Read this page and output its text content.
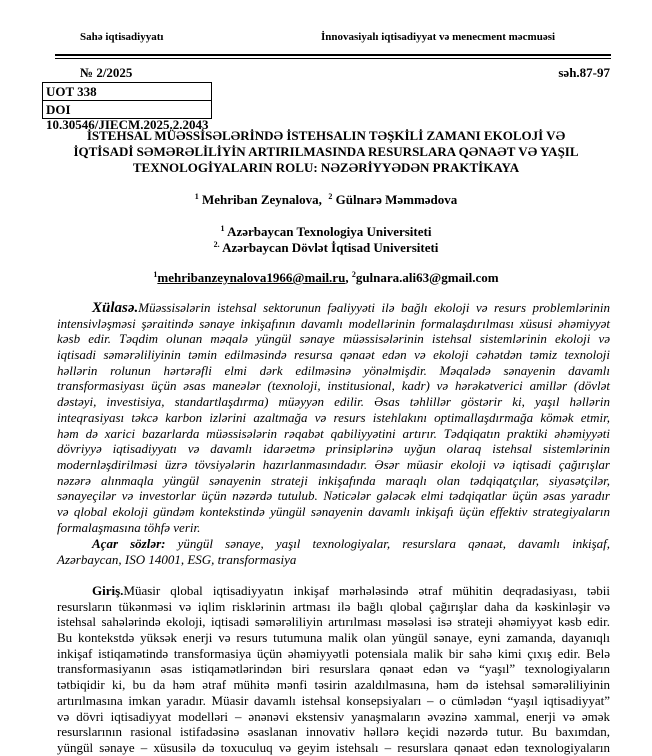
Sahə iqtisadiyyatı	İnnovasiyalı iqtisadiyyat və menecment məcmuəsi
№ 2/2025	səh.87-97
UOT 338
DOI 10.30546/JIECM.2025.2.2043
İSTEHSAL MÜƏSSİSƏLƏRİNDƏ İSTEHSALIN TƏŞKİLİ ZAMANI EKOLOJİ VƏ
İQTİSADİ SƏMƏRƏLİLİYİN ARTIRILMASINDA RESURSLARA QƏNAƏT VƏ YAŞIL
TEXNOLOGİYALARIN ROLU: NƏZƏRİYYƏDƏN PRAKTİKAYA
$^1$ Mehriban Zeynalova, $^2$ Gülnarə Məmmədova
$^1$ Azərbaycan Texnologiya Universiteti
$^{2.}$ Azərbaycan Dövlət İqtisad Universiteti
$^1$mehribanzeynalova1966@mail.ru, $^2$gulnara.ali63@gmail.com
Xülasə.Müəssisələrin istehsal sektorunun fəaliyyəti ilə bağlı ekoloji və resurs problemlərinin
intensivləşməsi şəraitində sənaye inkişafının davamlı modellərinin formalaşdırılması xüsusi əhəmiyyət
kəsb edir. Təqdim olunan məqalə yüngül sənaye müəssisələrinin istehsal sistemlərinin ekoloji və
iqtisadi səmərəliliyinin təmin edilməsində resursa qənaət edən və ekoloji cəhətdən təmiz texnoloji
həllərin rolunun hərtərəfli elmi dərk edilməsinə yönəlmişdir. Məqalədə sənayenin davamlı
transformasiyası üçün əsas maneələr (texnoloji, institusional, kadr) və hərəkətverici amillər (dövlət
dəstəyi, investisiya, standartlaşdırma) müəyyən edilir. Əsas təhlillər göstərir ki, yaşıl həllərin
inteqrasiyası təkcə karbon izlərini azaltmağa və resurs istehlakını optimallaşdırmağa kömək etmir,
həm də xarici bazarlarda müəssisələrin rəqabət qabiliyyətini artırır. Tədqiqatın praktiki əhəmiyyəti
dövriyyə iqtisadiyyatı və davamlı idarəetmə prinsiplərinə uyğun olaraq istehsal sistemlərinin
modernləşdirilməsi üzrə tövsiyələrin hazırlanmasındadır. Əsər müasir ekoloji və iqtisadi çağırışlar
nəzərə alınmaqla yüngül sənayenin strateji inkişafında maraqlı olan tədqiqatçılar, siyasətçilər,
sənayeçilər və investorlar üçün nəzərdə tutulub. Nəticələr gələcək elmi tədqiqatlar üçün əsas yaradır
və qlobal ekoloji gündəm kontekstində yüngül sənayenin davamlı inkişafı üçün effektiv strategiyaların
formalaşmasına töhfə verir.
Açar sözlər: yüngül sənaye, yaşıl texnologiyalar, resurslara qənaət, davamlı inkişaf,
Azərbaycan, ISO 14001, ESG, transformasiya
Giriş.Müasir qlobal iqtisadiyyatın inkişaf mərhələsində ətraf mühitin deqradasiyası, təbii
resursların tükənməsi və iqlim risklərinin artması ilə bağlı qlobal çağırışlar daha da kəskinləşir və
istehsal sahələrində ekoloji, iqtisadi səmərəliliyin artırılması məsələsi isə strateji əhəmiyyət kəsb edir.
Bu kontekstdə yüksək enerji və resurs tutumuna malik olan yüngül sənaye, eyni zamanda, dayanıqlı
inkişaf istiqamətində transformasiya üçün əhəmiyyətli potensiala malik bir sahə kimi çıxış edir. Belə
transformasiyanın əsas istiqamətlərindən biri resurslara qənaət edən və “yaşıl” texnologiyaların
tətbiqidir ki, bu da həm ətraf mühitə mənfi təsirin azaldılmasına, həm də istehsal səmərəliliyinin
artırılmasına imkan yaradır. Müasir davamlı istehsal konsepsiyaları – o cümlədən “yaşıl iqtisadiyyat”
və dövri iqtisadiyyat modelləri – ənənəvi ekstensiv yanaşmaların əvəzinə xammal, enerji və əmək
resurslarının rasional istifadəsinə əsaslanan innovativ həllərə keçidi nəzərdə tutur. Bu baxımdan,
yüngül sənaye – xüsusilə də toxuculuq və geyim istehsalı – resurslara qənaət edən texnologiyaların
